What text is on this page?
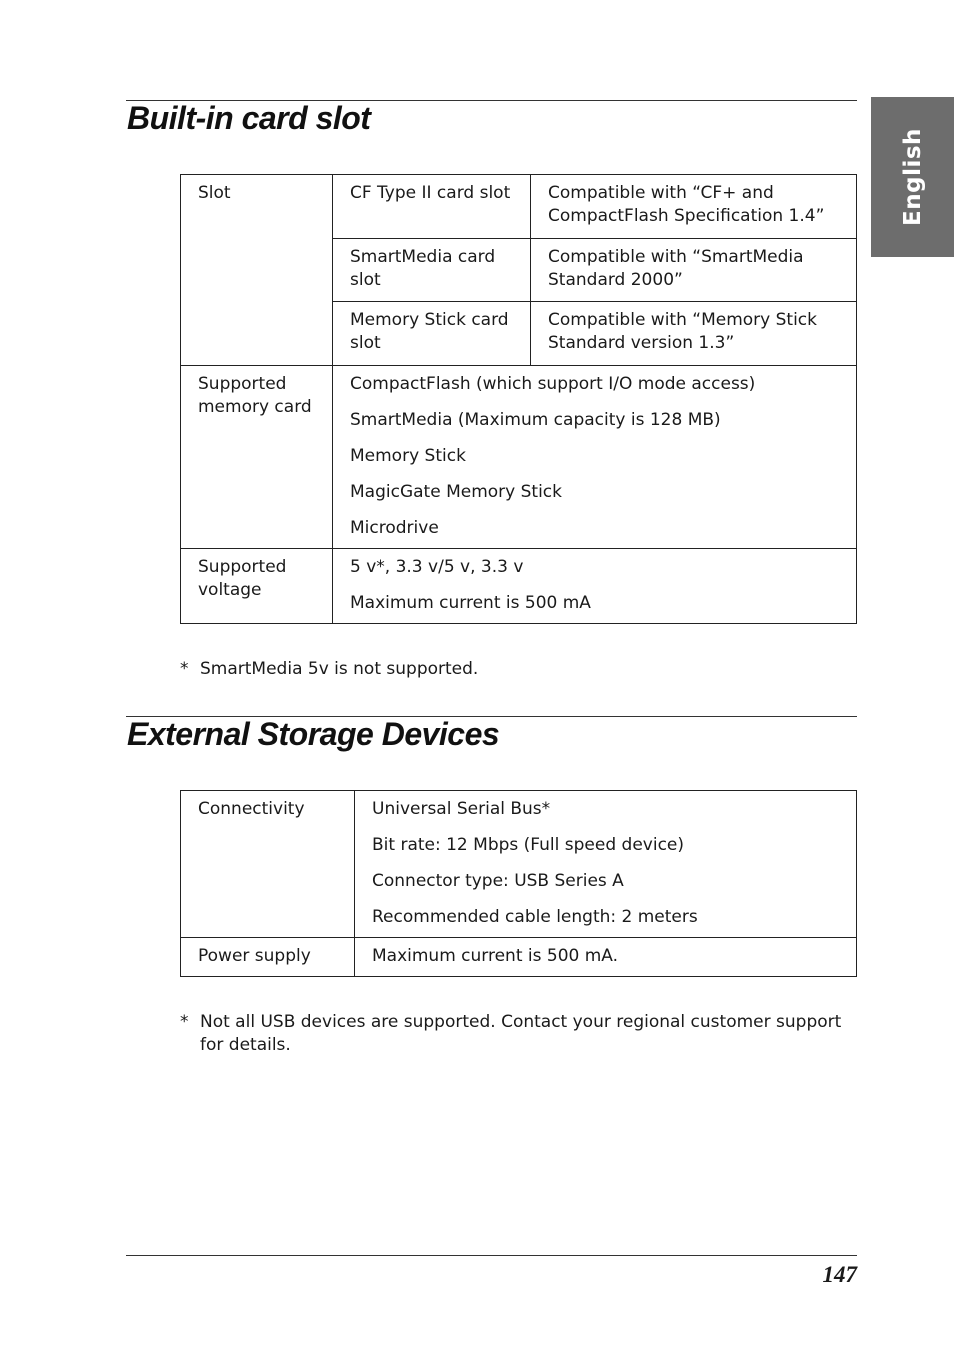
English
Built-in card slot
Slot	CF Type II card slot	Compatible with “CF+ and CompactFlash Specification 1.4”
	SmartMedia card slot	Compatible with “SmartMedia Standard 2000”
	Memory Stick card slot	Compatible with “Memory Stick Standard version 1.3”
Supported memory card	CompactFlash (which support I/O mode access)
SmartMedia (Maximum capacity is 128 MB)
Memory Stick
MagicGate Memory Stick
Microdrive	

Supported voltage	5 v*, 3.3 v/5 v, 3.3 v
Maximum current is 500 mA	
* SmartMedia 5v is not supported.
External Storage Devices
Connectivity	Universal Serial Bus*
Bit rate: 12 Mbps (Full speed device)
Connector type: USB Series A
Recommended cable length: 2 meters

Power supply	Maximum current is 500 mA.
* Not all USB devices are supported. Contact your regional customer support for details.
147
